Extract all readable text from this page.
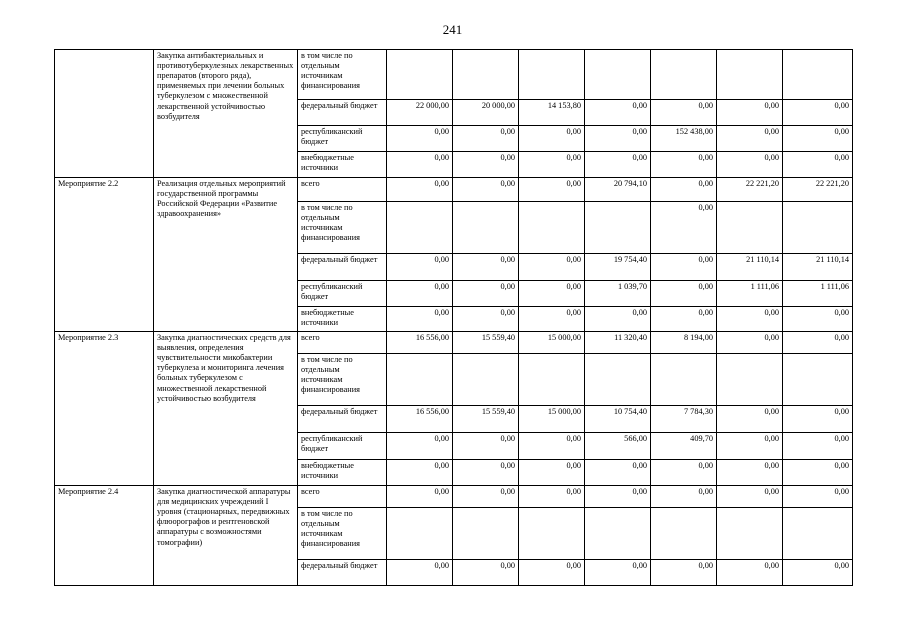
241
	Закупка антибактериальных и противотуберкулезных лекарственных препаратов (второго ряда), применяемых при лечении больных туберкулезом с множественной лекарственной устойчивостью возбудителя	в том числе по отдельным источникам финансирования							
		федеральный бюджет	22 000,00	20 000,00	14 153,80	0,00	0,00	0,00	0,00
		республиканский бюджет	0,00	0,00	0,00	0,00	152 438,00	0,00	0,00
		внебюджетные источники	0,00	0,00	0,00	0,00	0,00	0,00	0,00
Мероприятие 2.2	Реализация отдельных мероприятий государственной программы Российской Федерации «Развитие здравоохранения»	всего	0,00	0,00	0,00	20 794,10	0,00	22 221,20	22 221,20
		в том числе по отдельным источникам финансирования					0,00		
		федеральный бюджет	0,00	0,00	0,00	19 754,40	0,00	21 110,14	21 110,14
		республиканский бюджет	0,00	0,00	0,00	1 039,70	0,00	1 111,06	1 111,06
		внебюджетные источники	0,00	0,00	0,00	0,00	0,00	0,00	0,00
Мероприятие 2.3	Закупка диагностических средств для выявления, определения чувствительности микобактерии туберкулеза и мониторинга лечения больных туберкулезом с множественной лекарственной устойчивостью возбудителя	всего	16 556,00	15 559,40	15 000,00	11 320,40	8 194,00	0,00	0,00
		в том числе по отдельным источникам финансирования							
		федеральный бюджет	16 556,00	15 559,40	15 000,00	10 754,40	7 784,30	0,00	0,00
		республиканский бюджет	0,00	0,00	0,00	566,00	409,70	0,00	0,00
		внебюджетные источники	0,00	0,00	0,00	0,00	0,00	0,00	0,00
Мероприятие 2.4	Закупка диагностической аппаратуры для медицинских учреждений I уровня (стационарных, передвижных флюорографов и рентгеновской аппаратуры с возможностями томографии)	всего	0,00	0,00	0,00	0,00	0,00	0,00	0,00
		в том числе по отдельным источникам финансирования							
		федеральный бюджет	0,00	0,00	0,00	0,00	0,00	0,00	0,00
